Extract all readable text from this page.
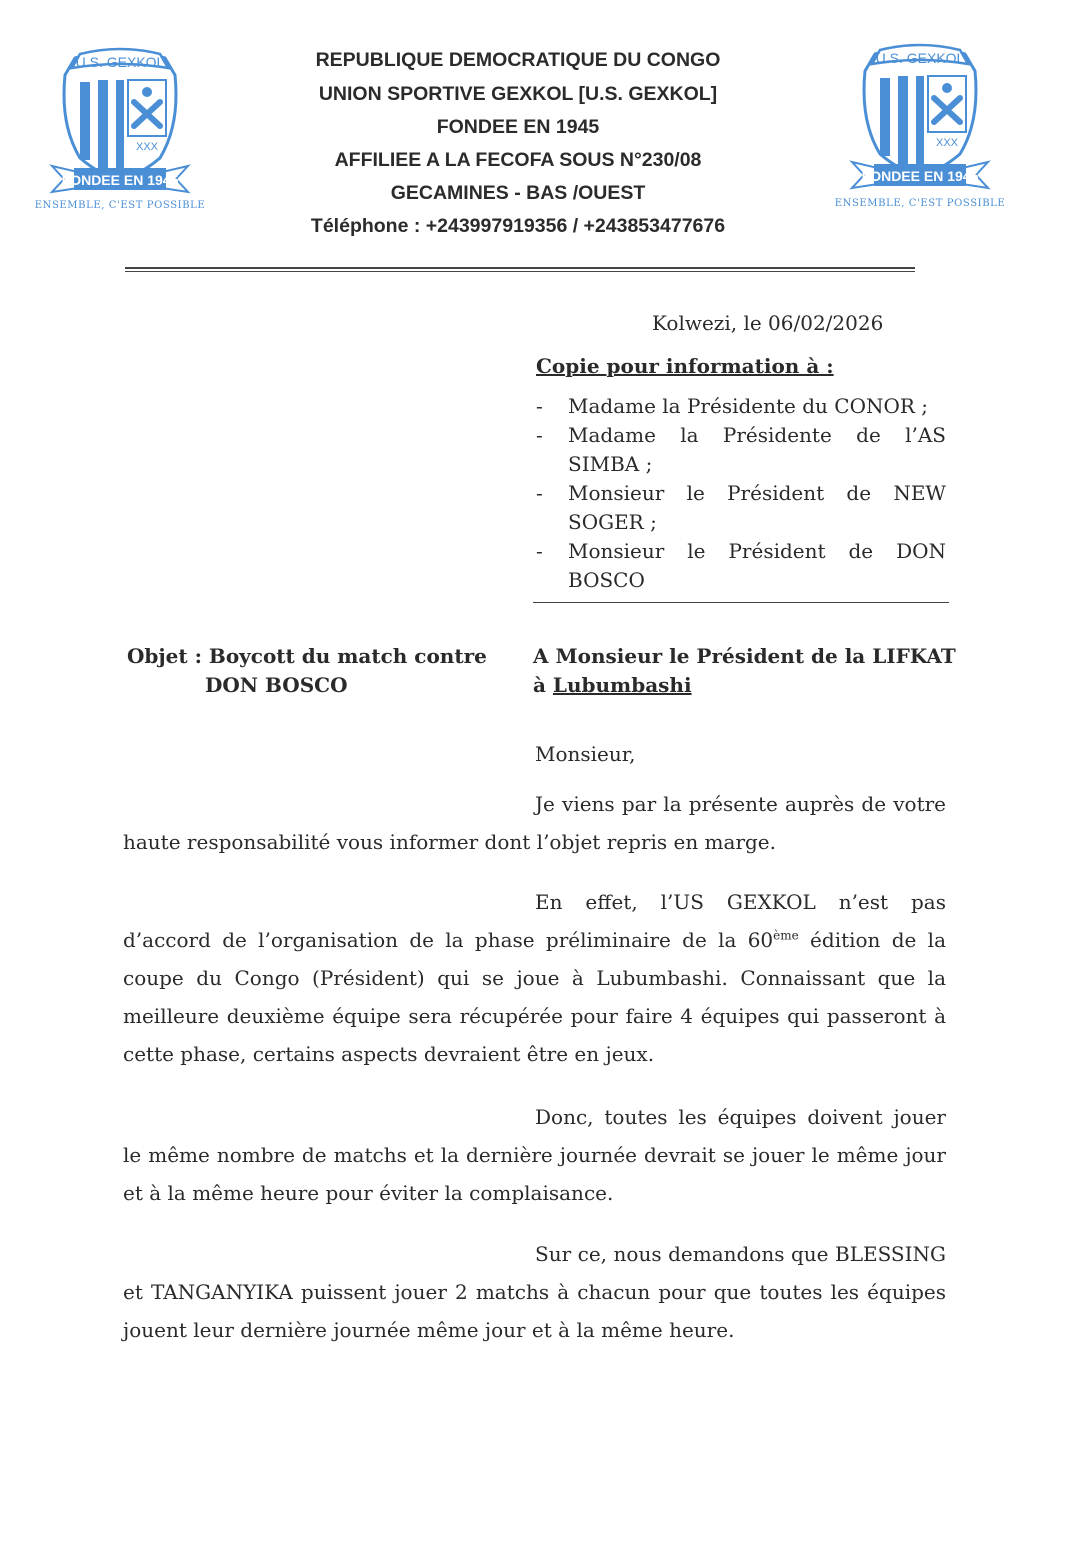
U.S. GEXKOL
XXX
FONDEE EN 1945
ENSEMBLE, C'EST POSSIBLE
U.S. GEXKOL
XXX
FONDEE EN 1945
ENSEMBLE, C'EST POSSIBLE
REPUBLIQUE DEMOCRATIQUE DU CONGO
UNION SPORTIVE GEXKOL [U.S. GEXKOL]
FONDEE EN 1945
AFFILIEE A LA FECOFA SOUS N°230/08
GECAMINES - BAS /OUEST
Téléphone : +243997919356 / +243853477676
Kolwezi, le 06/02/2026
Copie pour information à :
- Madame la Présidente du CONOR ;
- Madame la Présidente de l’AS SIMBA ;
- Monsieur le Président de NEW SOGER ;
- Monsieur le Président de DON BOSCO
Objet : Boycott du match contre
DON BOSCO
A Monsieur le Président de la LIFKAT
à Lubumbashi
Monsieur,
Je viens par la présente auprès de votre haute responsabilité vous informer dont l’objet repris en marge.
En effet, l’US GEXKOL n’est pas d’accord de l’organisation de la phase préliminaire de la 60ème édition de la coupe du Congo (Président) qui se joue à Lubumbashi. Connaissant que la meilleure deuxième équipe sera récupérée pour faire 4 équipes qui passeront à cette phase, certains aspects devraient être en jeux.
Donc, toutes les équipes doivent jouer le même nombre de matchs et la dernière journée devrait se jouer le même jour et à la même heure pour éviter la complaisance.
Sur ce, nous demandons que BLESSING et TANGANYIKA puissent jouer 2 matchs à chacun pour que toutes les équipes jouent leur dernière journée même jour et à la même heure.
